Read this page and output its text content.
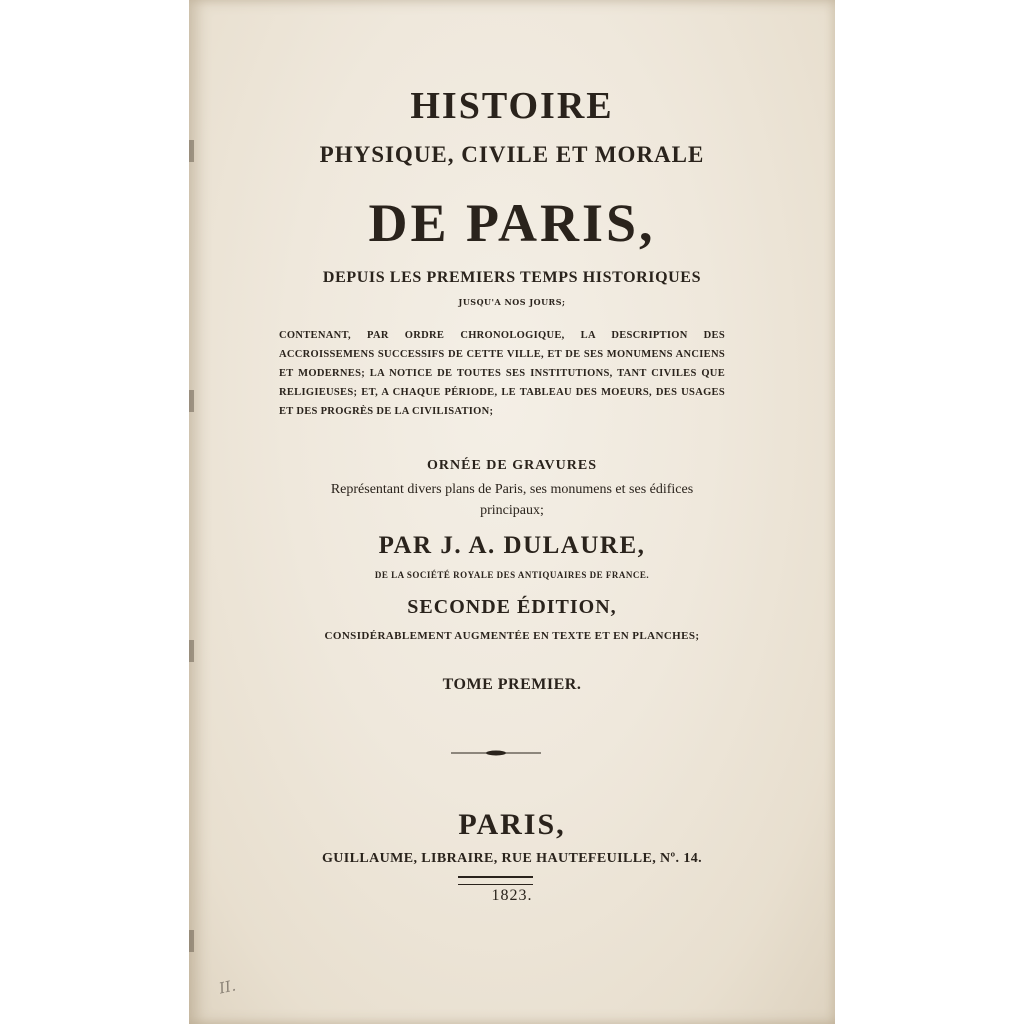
HISTOIRE

PHYSIQUE, CIVILE ET MORALE

DE PARIS,

DEPUIS LES PREMIERS TEMPS HISTORIQUES

JUSQU'A NOS JOURS;

CONTENANT, PAR ORDRE CHRONOLOGIQUE, LA DESCRIPTION DES ACCROISSEMENS SUCCESSIFS DE CETTE VILLE, ET DE SES MONUMENS ANCIENS ET MODERNES; LA NOTICE DE TOUTES SES INSTITUTIONS, TANT CIVILES QUE RELIGIEUSES; ET, A CHAQUE PÉRIODE, LE TABLEAU DES MOEURS, DES USAGES ET DES PROGRÈS DE LA CIVILISATION;

ORNÉE DE GRAVURES

Représentant divers plans de Paris, ses monumens et ses édifices

principaux;

PAR J. A. DULAURE,

DE LA SOCIÉTÉ ROYALE DES ANTIQUAIRES DE FRANCE.

SECONDE ÉDITION,

CONSIDÉRABLEMENT AUGMENTÉE EN TEXTE ET EN PLANCHES;

TOME PREMIER.

PARIS,

GUILLAUME, LIBRAIRE, RUE HAUTEFEUILLE, Nº. 14.

1823.

II.
